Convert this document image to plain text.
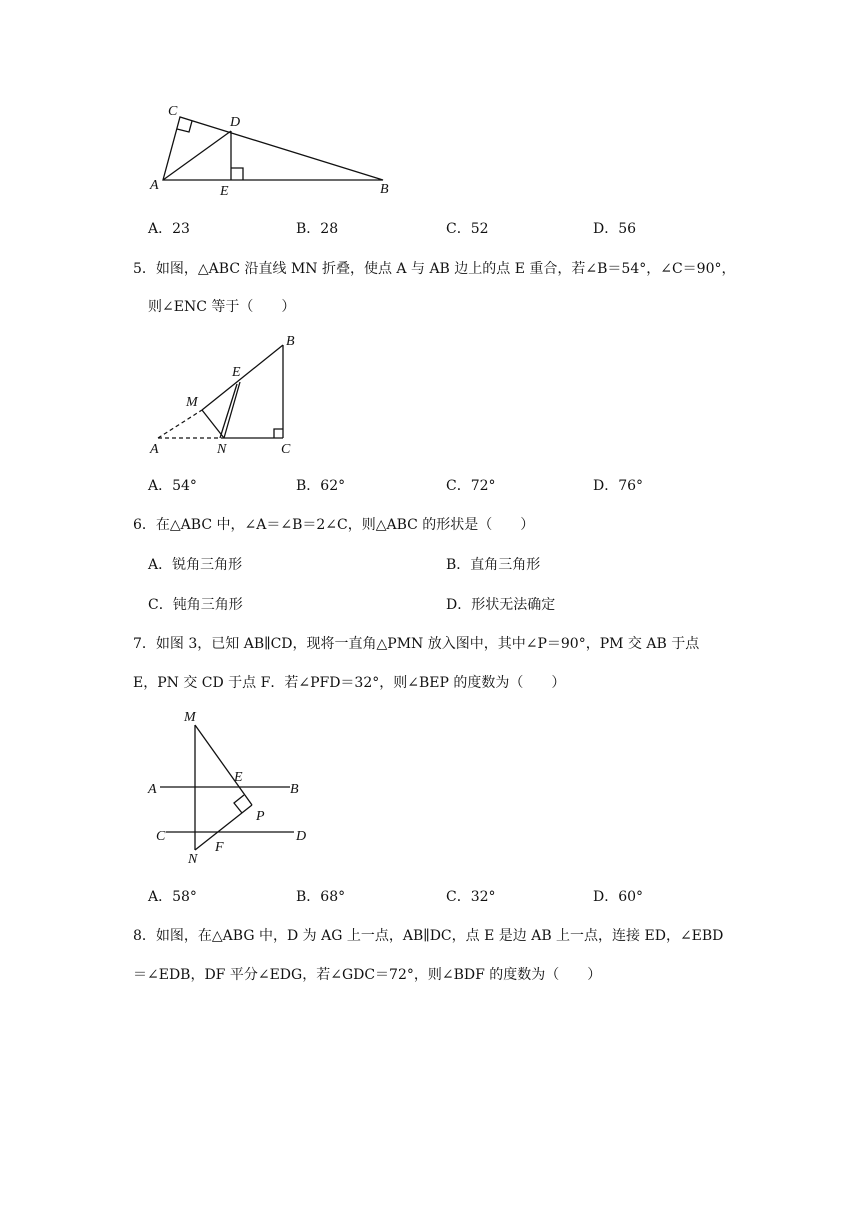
C
D
A	E	B
A．23	B．28	C．52	D．56
5．如图，△ABC 沿直线 MN 折叠，使点 A 与 AB 边上的点 E 重合，若∠B＝54°，∠C＝90°，
则∠ENC 等于（　　）
B
E
M
A	N	C
A．54°	B．62°	C．72°	D．76°
6．在△ABC 中，∠A＝∠B＝2∠C，则△ABC 的形状是（　　）
A．锐角三角形	B．直角三角形
C．钝角三角形	D．形状无法确定
7．如图 3，已知 AB∥CD，现将一直角△PMN 放入图中，其中∠P＝90°，PM 交 AB 于点
E，PN 交 CD 于点 F．若∠PFD＝32°，则∠BEP 的度数为（　　）
M
A
E
B
P
C	D
N
F
A．58°	B．68°	C．32°	D．60°
8．如图，在△ABG 中，D 为 AG 上一点，AB∥DC，点 E 是边 AB 上一点，连接 ED，∠EBD
＝∠EDB，DF 平分∠EDG，若∠GDC＝72°，则∠BDF 的度数为（　　）
